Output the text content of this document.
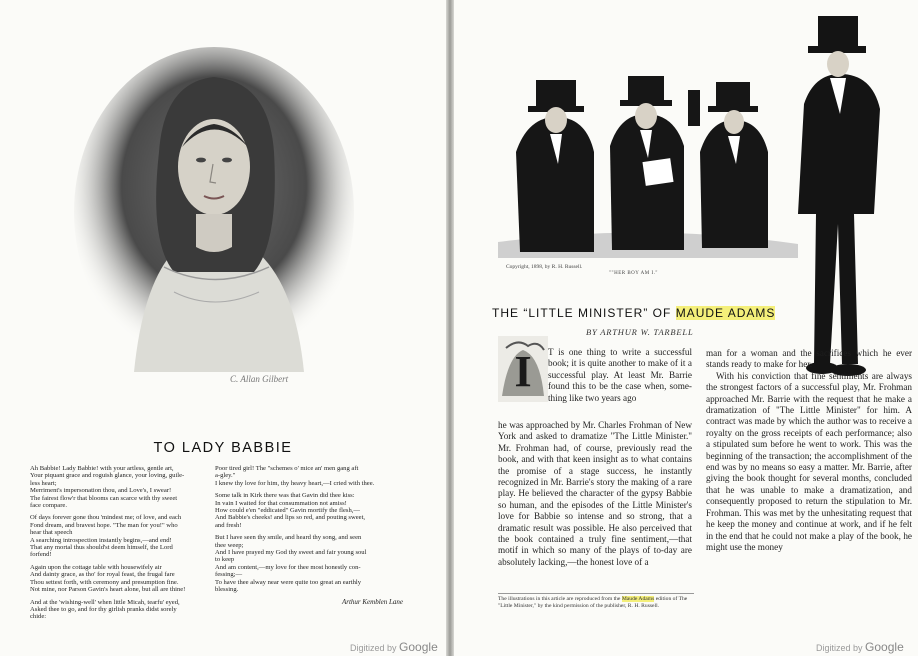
C. Allan Gilbert
TO LADY BABBIE

Ah Babbie! Lady Babbie! with your artless, gentle art,
Your piquant grace and roguish glance, your loving, guile-
less heart;
Merriment's impersonation thou, and Love's, I swear!
The fairest flow'r that blooms can scarce with thy sweet
face compare.

Of days forever gone thou 'mindest me; of love, and each
Fond dream, and bravest hope. "The man for you!" who
hear that speech
A searching introspection instantly begins,—and end!
That any mortal thus should'st deem himself, the Lord
forfend!

Again upon the cottage table with housewifely air
And dainty grace, as tho' for royal feast, the frugal fare
Thou settest forth, with ceremony and presumption fine.
Not mine, nor Parson Gavin's heart alone, but all are thine!

And at the 'wishing-well' when little Micah, tearfu' eyed,
Asked thee to go, and for thy girlish pranks didst sorely
chide:

Poor tired girl! The "schemes o' mice an' men gang aft
a-gley."
I knew thy love for him, thy heavy heart,—I cried with thee.

Some talk in Kirk there was that Gavin did thee kiss:
In vain I waited for that consummation not amiss!
How could e'en "eddicated" Gavin mortify the flesh,—
And Babbie's cheeks! and lips so red, and pouting sweet,
and fresh!

But I have seen thy smile, and heard thy song, and seen
thee weep;
And I have prayed my God thy sweet and fair young soul
to keep
And am content,—my love for thee most honestly con-
fessing;—
To have thee alway near were quite too great an earthly
blessing.

Arthur Kemblen Lane
Digitized by Google
Copyright, 1898, by R. H. Russell.
""HER BOY AM I."
THE “LITTLE MINISTER” OF MAUDE ADAMS
BY ARTHUR W. TARBELL
I T is one thing to write a successful book; it is quite another to make of it a successful play. At least Mr. Barrie found this to be the case when, some-thing like two years ago
he was approached by Mr. Charles Frohman of New York and asked to dramatize "The Little Minister." Mr. Frohman had, of course, previously read the book, and with that keen insight as to what contains the promise of a stage success, he instantly recognized in Mr. Barrie's story the making of a rare play. He believed the character of the gypsy Babbie so human, and the episodes of the Little Minister's love for Babbie so intense and so strong, that a dramatic result was possible. He also perceived that the book contained a truly fine sentiment,—that motif in which so many of the plays of to-day are absolutely lacking,—the honest love of a

man for a woman and the sacrifices which he ever stands ready to make for her.

With his conviction that fine sentiments are always the strongest factors of a successful play, Mr. Frohman approached Mr. Barrie with the request that he make a dramatization of "The Little Minister" for him. A contract was made by which the author was to receive a royalty on the gross receipts of each performance; also a stipulated sum before he went to work. This was the beginning of the transaction; the accomplishment of the end was by no means so easy a matter. Mr. Barrie, after giving the book thought for several months, concluded that he was unable to make a dramatization, and consequently proposed to return the stipulation to Mr. Frohman. This was met by the unhesitating request that he keep the money and continue at work, and if he felt in the end that he could not make a play of the book, he might use the money

The illustrations in this article are reproduced from the Maude Adams edition of The "Little Minister," by the kind permission of the publisher, R. H. Russell.
Digitized by Google
